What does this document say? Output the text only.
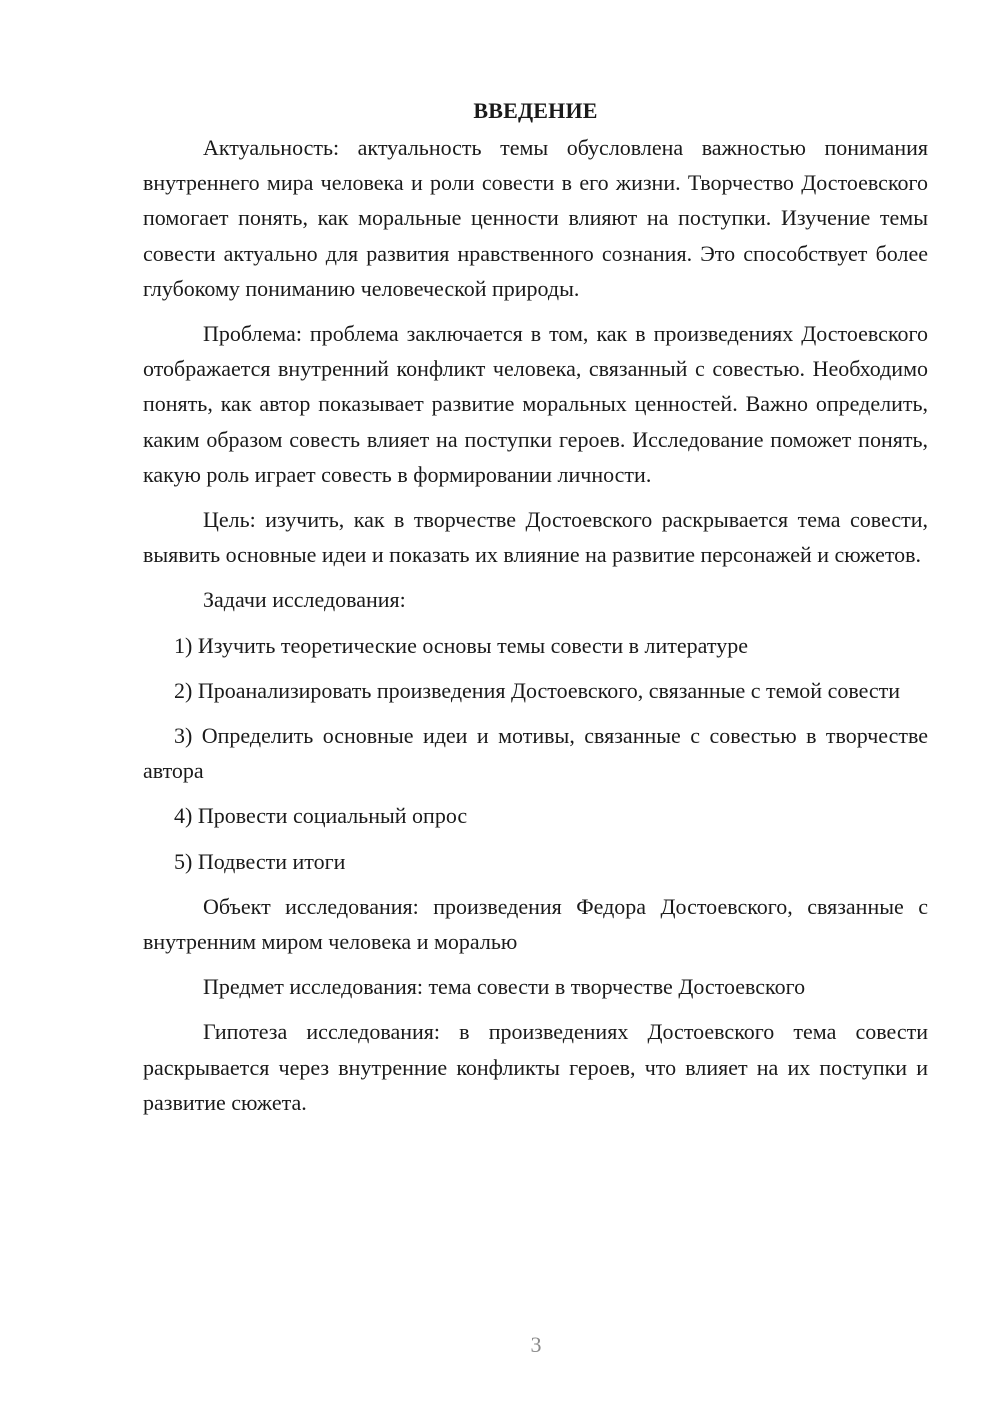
ВВЕДЕНИЕ

Актуальность: актуальность темы обусловлена важностью понимания внутреннего мира человека и роли совести в его жизни. Творчество Достоевского помогает понять, как моральные ценности влияют на поступки. Изучение темы совести актуально для развития нравственного сознания. Это способствует более глубокому пониманию человеческой природы.

Проблема: проблема заключается в том, как в произведениях Достоевского отображается внутренний конфликт человека, связанный с совестью. Необходимо понять, как автор показывает развитие моральных ценностей. Важно определить, каким образом совесть влияет на поступки героев. Исследование поможет понять, какую роль играет совесть в формировании личности.

Цель: изучить, как в творчестве Достоевского раскрывается тема совести, выявить основные идеи и показать их влияние на развитие персонажей и сюжетов.

Задачи исследования:

1) Изучить теоретические основы темы совести в литературе

2) Проанализировать произведения Достоевского, связанные с темой совести

3) Определить основные идеи и мотивы, связанные с совестью в творчестве автора

4) Провести социальный опрос

5) Подвести итоги

Объект исследования: произведения Федора Достоевского, связанные с внутренним миром человека и моралью

Предмет исследования: тема совести в творчестве Достоевского

Гипотеза исследования: в произведениях Достоевского тема совести раскрывается через внутренние конфликты героев, что влияет на их поступки и развитие сюжета.

3
